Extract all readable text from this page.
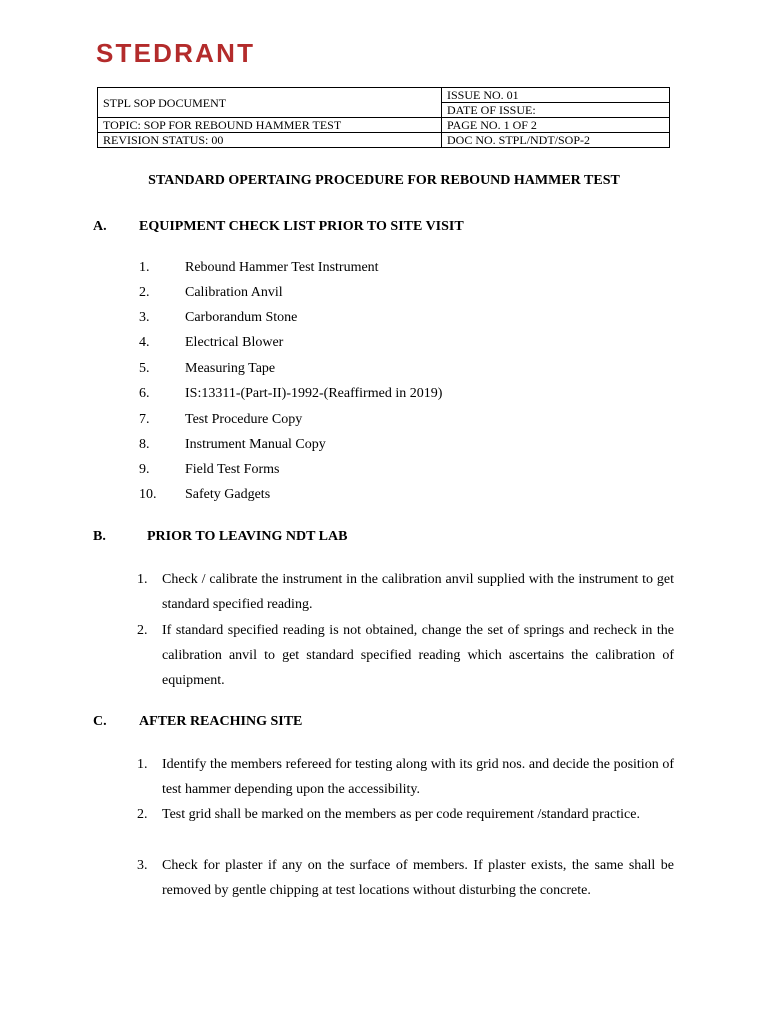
STEDRANT
STPL SOP DOCUMENT	ISSUE NO. 01
	DATE OF ISSUE:
TOPIC: SOP FOR REBOUND HAMMER TEST	PAGE NO. 1 OF 2
REVISION STATUS: 00	DOC NO. STPL/NDT/SOP-2
STANDARD OPERTAING PROCEDURE FOR REBOUND HAMMER TEST
A. EQUIPMENT CHECK LIST PRIOR TO SITE VISIT
1.	Rebound Hammer Test Instrument
2.	Calibration Anvil
3.	Carborandum Stone
4.	Electrical Blower
5.	Measuring Tape
6.	IS:13311-(Part-II)-1992-(Reaffirmed in 2019)
7.	Test Procedure Copy
8.	Instrument Manual Copy
9.	Field Test Forms
10. Safety Gadgets
B.	PRIOR TO LEAVING NDT LAB
1. Check / calibrate the instrument in the calibration anvil supplied with the instrument to get standard specified reading.
2. If standard specified reading is not obtained, change the set of springs and recheck in the calibration anvil to get standard specified reading which ascertains the calibration of equipment.
C. AFTER REACHING SITE
1. Identify the members refereed for testing along with its grid nos. and decide the position of test hammer depending upon the accessibility.
2. Test grid shall be marked on the members as per code requirement /standard practice.
3. Check for plaster if any on the surface of members. If plaster exists, the same shall be removed by gentle chipping at test locations without disturbing the concrete.
